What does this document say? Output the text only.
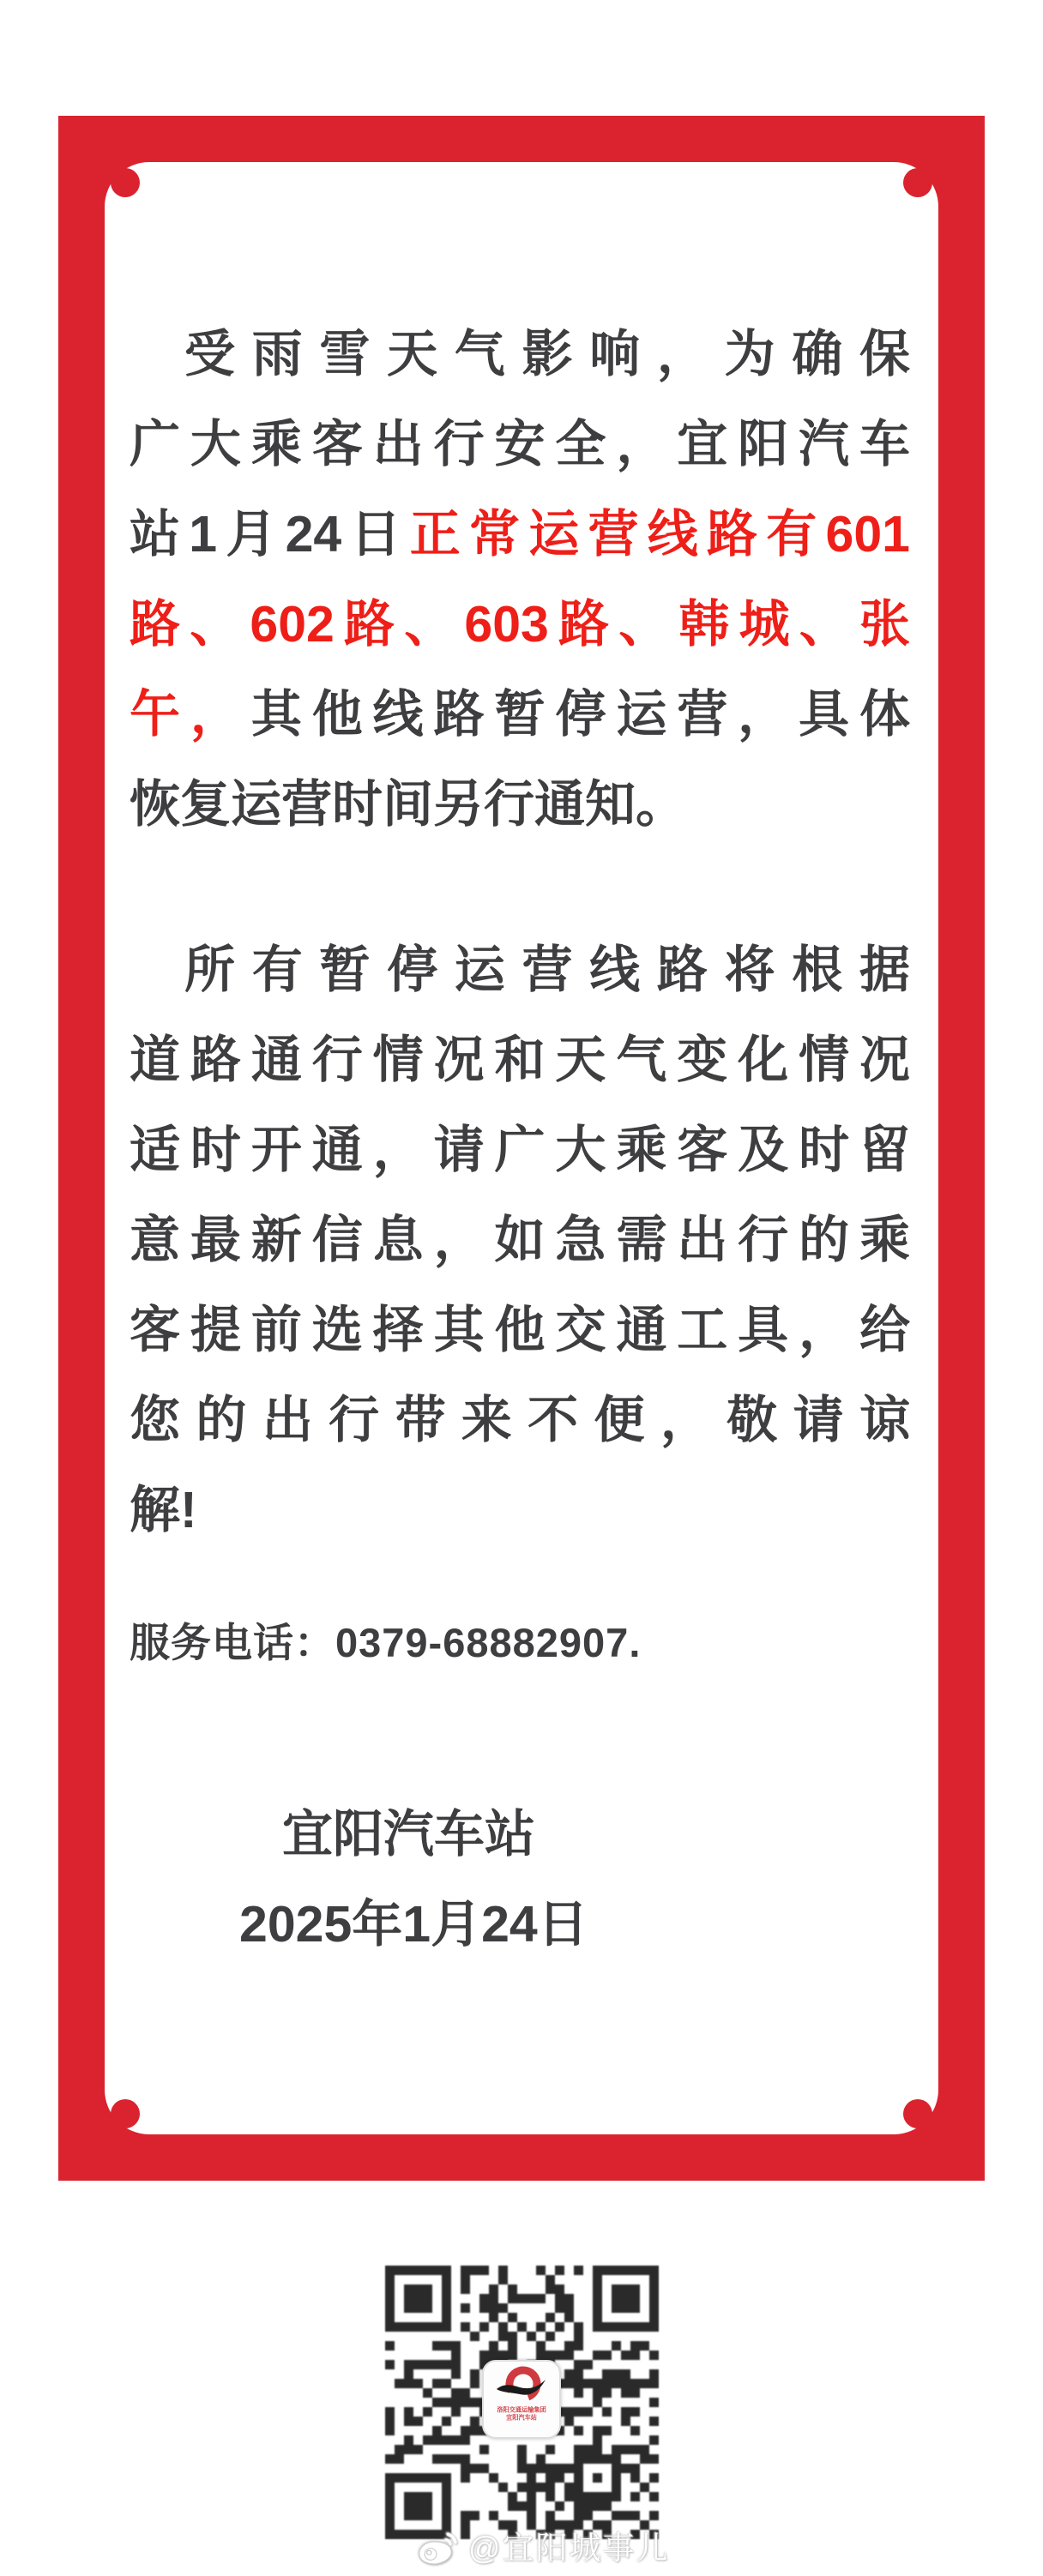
受雨雪天气影响，为确保
广大乘客出行安全，宜阳汽车
站1月24日正常运营线路有601
路、602路、603路、韩城、张
午，其他线路暂停运营，具体
恢复运营时间另行通知。
所有暂停运营线路将根据
道路通行情况和天气变化情况
适时开通，请广大乘客及时留
意最新信息，如急需出行的乘
客提前选择其他交通工具，给
您的出行带来不便，敬请谅
解!
服务电话：0379-68882907.
宜阳汽车站
2025年1月24日
洛阳交通运输集团
宜阳汽车站
@宜阳城事儿
